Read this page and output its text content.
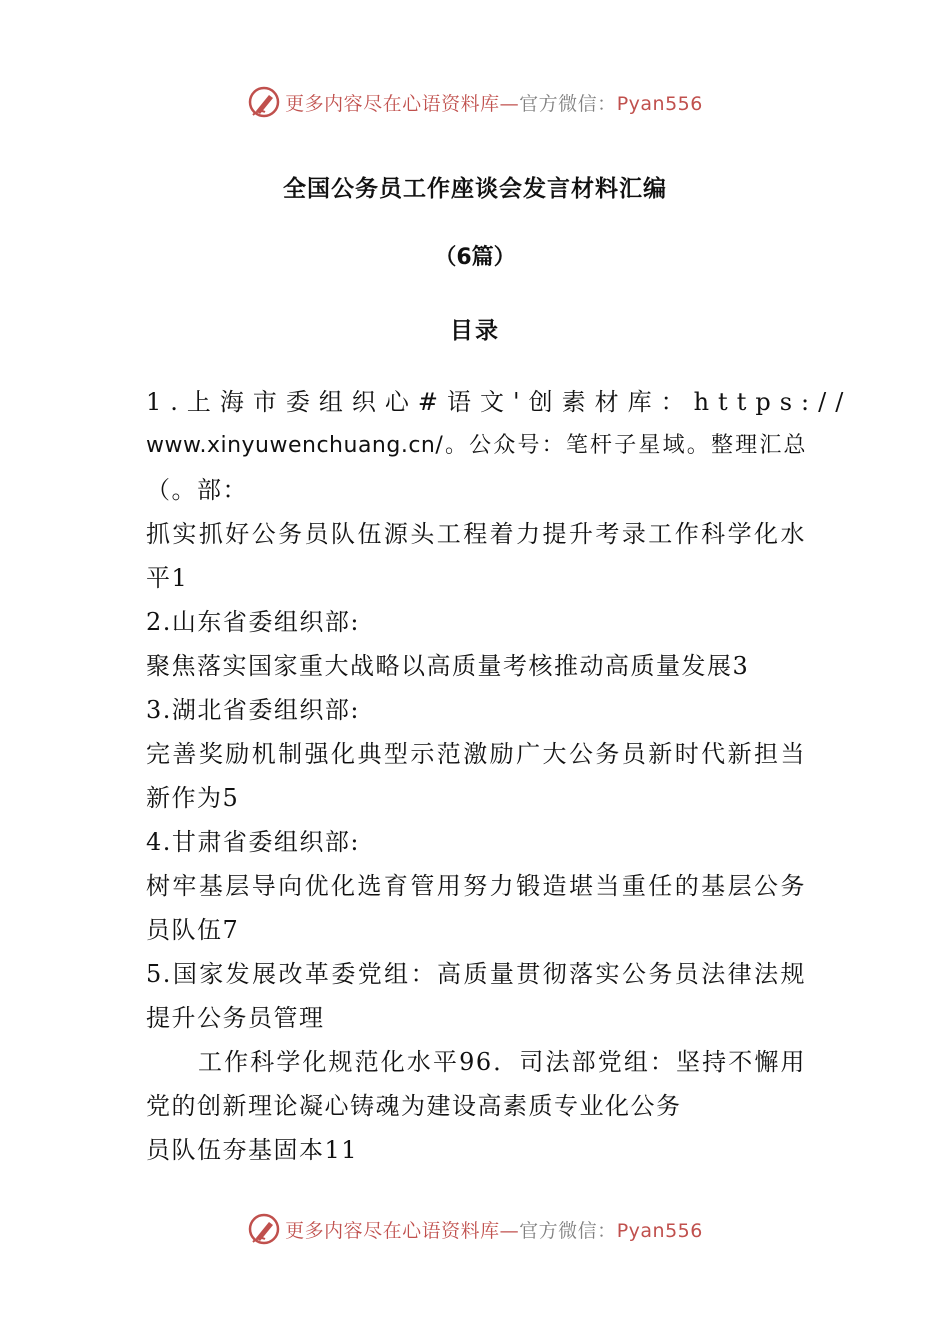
更多内容尽在心语资料库—官方微信：Pyan556
全国公务员工作座谈会发言材料汇编
（6篇）
目录
1.上海市委组织心#语文'创素材库：https://
www.xinyuwenchuang.cn/。公众号：笔杆子星域。整理汇总
（。部：
抓实抓好公务员队伍源头工程着力提升考录工作科学化水
平1
2.山东省委组织部:
聚焦落实国家重大战略以高质量考核推动高质量发展3
3.湖北省委组织部:
完善奖励机制强化典型示范激励广大公务员新时代新担当
新作为5
4.甘肃省委组织部:
树牢基层导向优化选育管用努力锻造堪当重任的基层公务
员队伍7
5.国家发展改革委党组：高质量贯彻落实公务员法律法规
提升公务员管理
工作科学化规范化水平96．司法部党组：坚持不懈用
党的创新理论凝心铸魂为建设高素质专业化公务
员队伍夯基固本11
更多内容尽在心语资料库—官方微信：Pyan556
